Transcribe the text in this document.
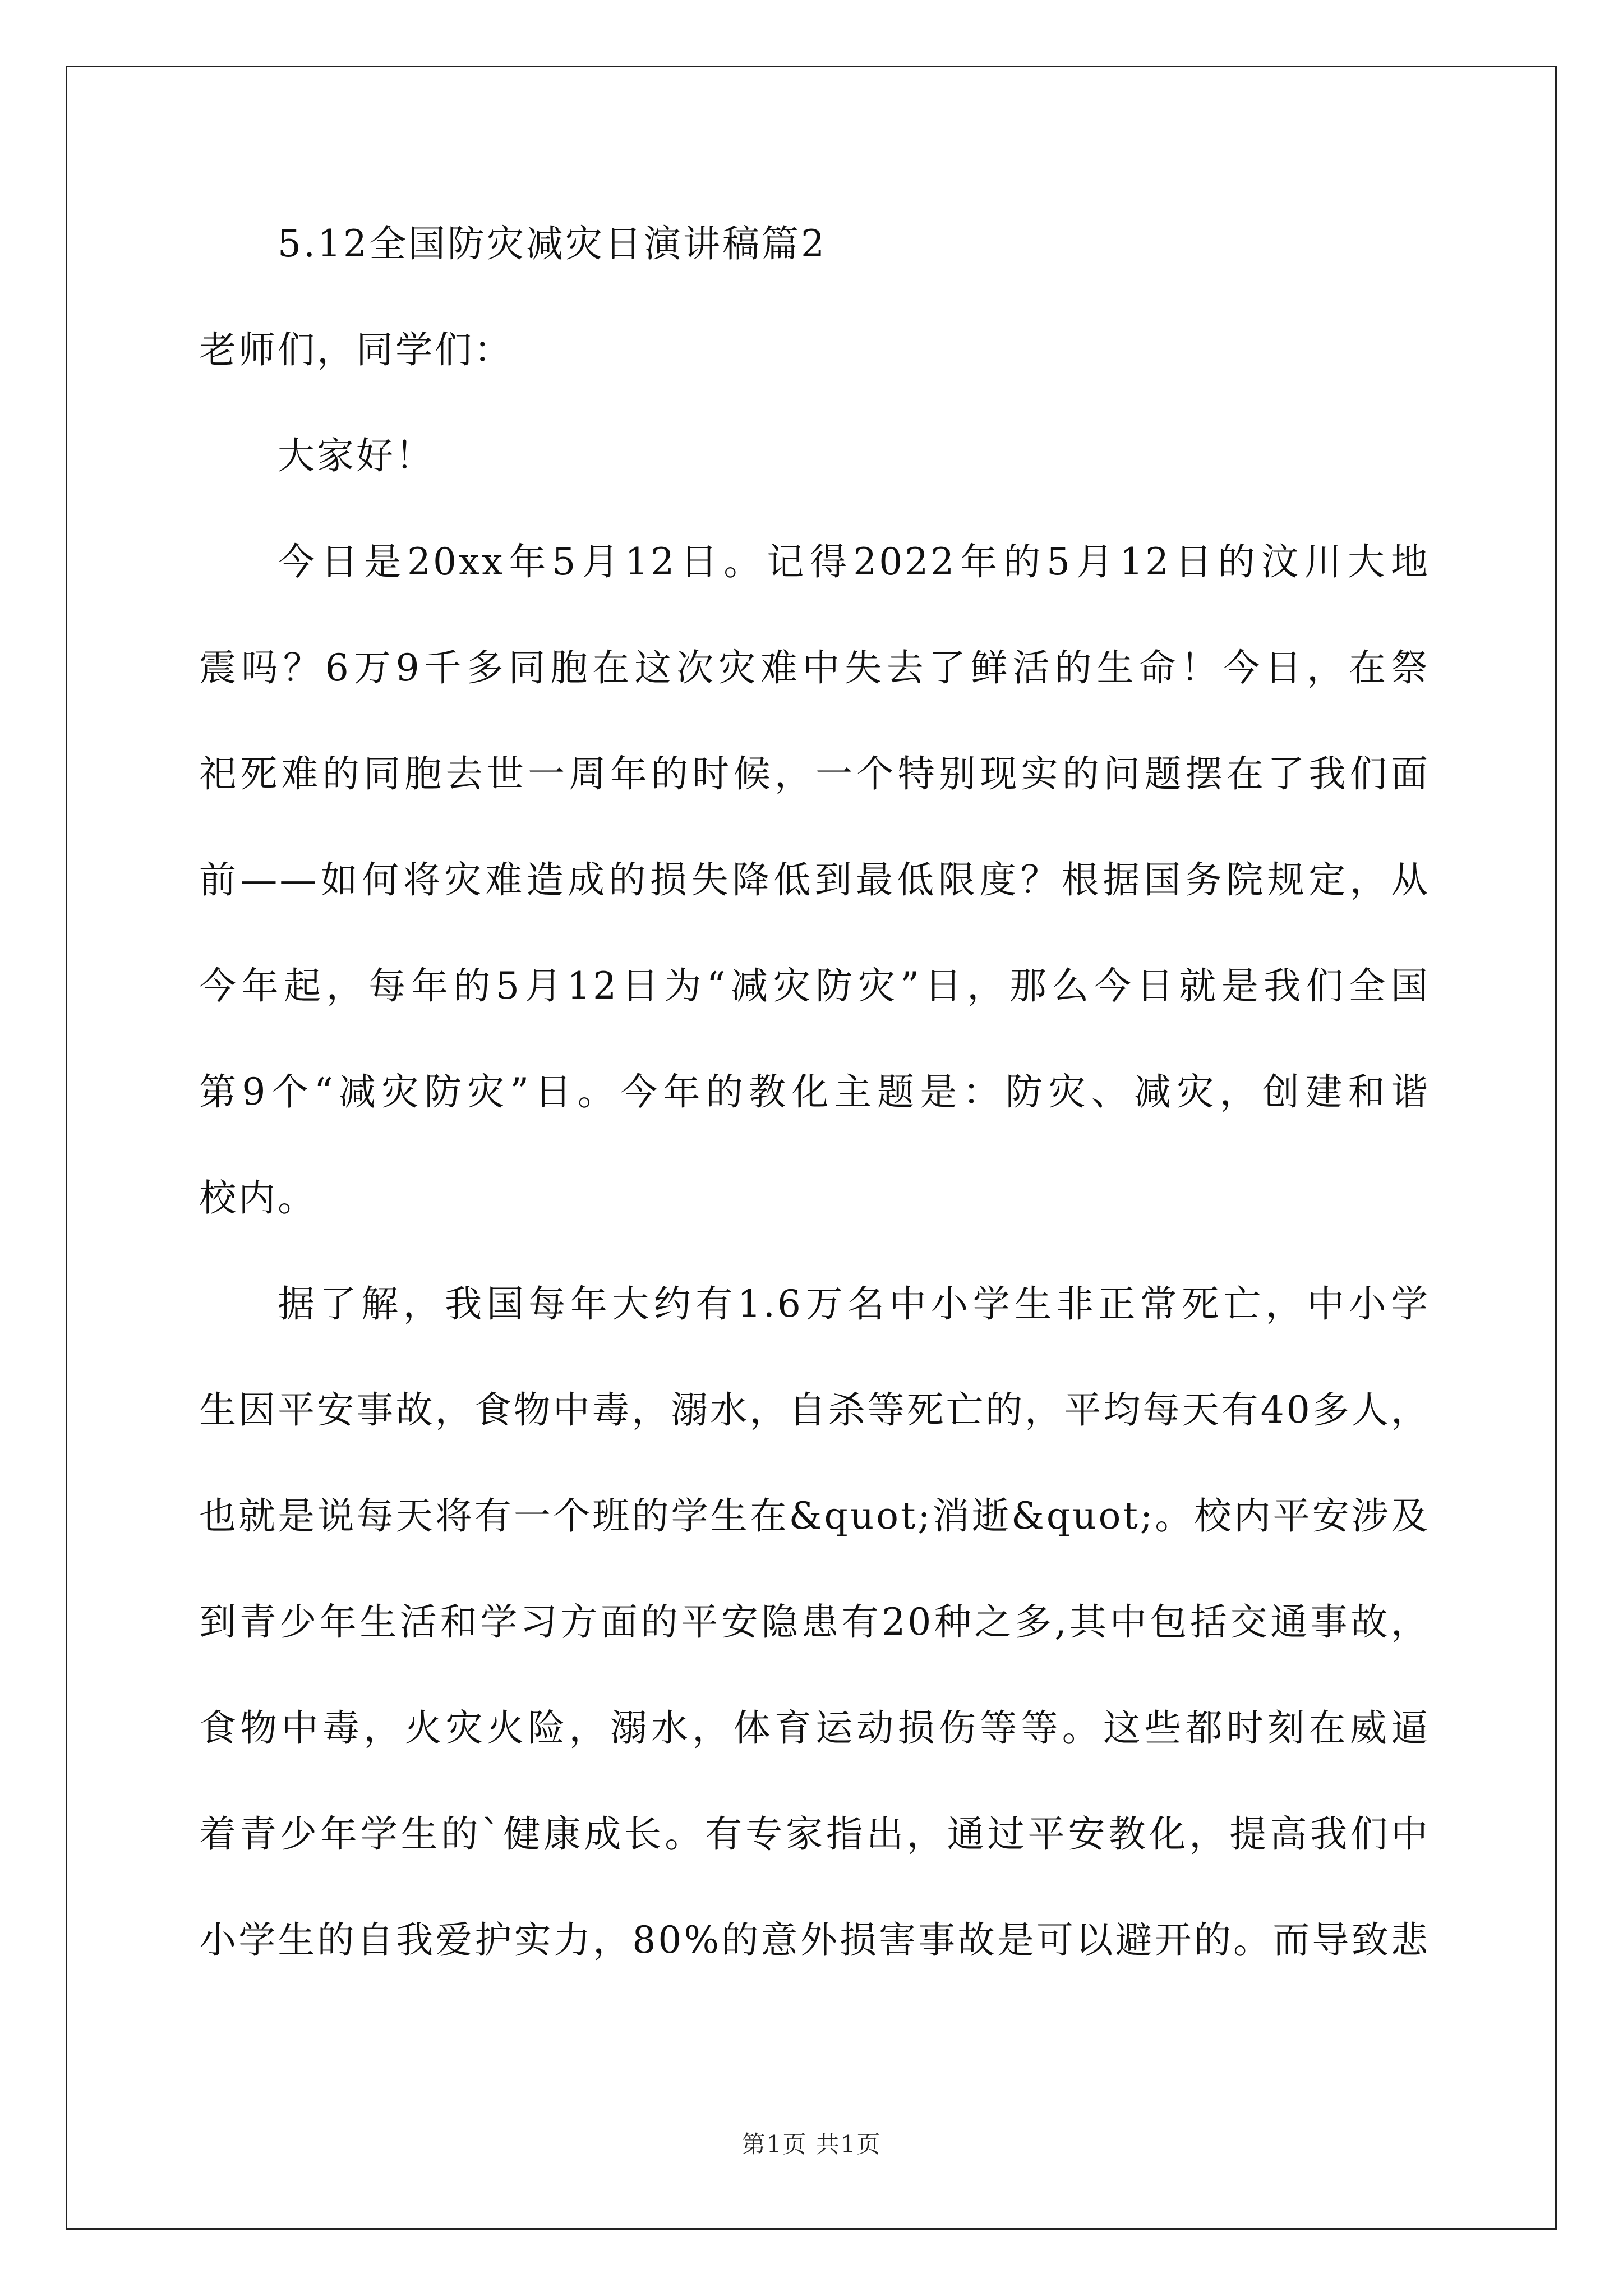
5.12全国防灾减灾日演讲稿篇2
老师们，同学们：
大家好！
今日是20xx年5月12日。记得2022年的5月12日的汶川大地
震吗？6万9千多同胞在这次灾难中失去了鲜活的生命！今日，在祭
祀死难的同胞去世一周年的时候，一个特别现实的问题摆在了我们面
前——如何将灾难造成的损失降低到最低限度？根据国务院规定，从
今年起，每年的5月12日为“减灾防灾”日，那么今日就是我们全国
第9个“减灾防灾”日。今年的教化主题是：防灾、减灾，创建和谐
校内。
据了解，我国每年大约有1.6万名中小学生非正常死亡，中小学
生因平安事故，食物中毒，溺水，自杀等死亡的，平均每天有40多人，
也就是说每天将有一个班的学生在&quot;消逝&quot;。校内平安涉及
到青少年生活和学习方面的平安隐患有20种之多,其中包括交通事故，
食物中毒，火灾火险，溺水，体育运动损伤等等。这些都时刻在威逼
着青少年学生的`健康成长。有专家指出，通过平安教化，提高我们中
小学生的自我爱护实力，80%的意外损害事故是可以避开的。而导致悲
第1页 共1页
